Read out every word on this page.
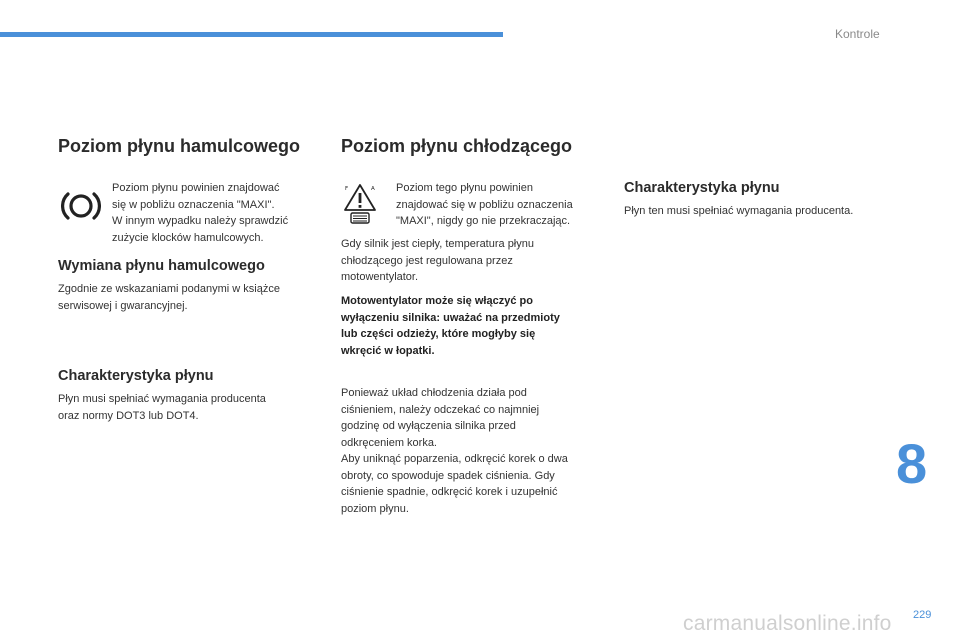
Kontrole
Poziom płynu hamulcowego
Poziom płynu powinien znajdować
się w pobliżu oznaczenia "MAXI".
W innym wypadku należy sprawdzić
zużycie klocków hamulcowych.
Wymiana płynu hamulcowego
Zgodnie ze wskazaniami podanymi w książce
serwisowej i gwarancyjnej.
Charakterystyka płynu
Płyn musi spełniać wymagania producenta
oraz normy DOT3 lub DOT4.
Poziom płynu chłodzącego
F	A Poziom tego płynu powinien
znajdować się w pobliżu oznaczenia
"MAXI", nigdy go nie przekraczając.
Gdy silnik jest ciepły, temperatura płynu
chłodzącego jest regulowana przez
motowentylator.
Motowentylator może się włączyć po
wyłączeniu silnika: uważać na przedmioty
lub części odzieży, które mogłyby się
wkręcić w łopatki.
Ponieważ układ chłodzenia działa pod
ciśnieniem, należy odczekać co najmniej
godzinę od wyłączenia silnika przed
odkręceniem korka.
Aby uniknąć poparzenia, odkręcić korek o dwa
obroty, co spowoduje spadek ciśnienia. Gdy
ciśnienie spadnie, odkręcić korek i uzupełnić
poziom płynu.
Charakterystyka płynu
Płyn ten musi spełniać wymagania producenta.
8
229
carmanualsonline.info
